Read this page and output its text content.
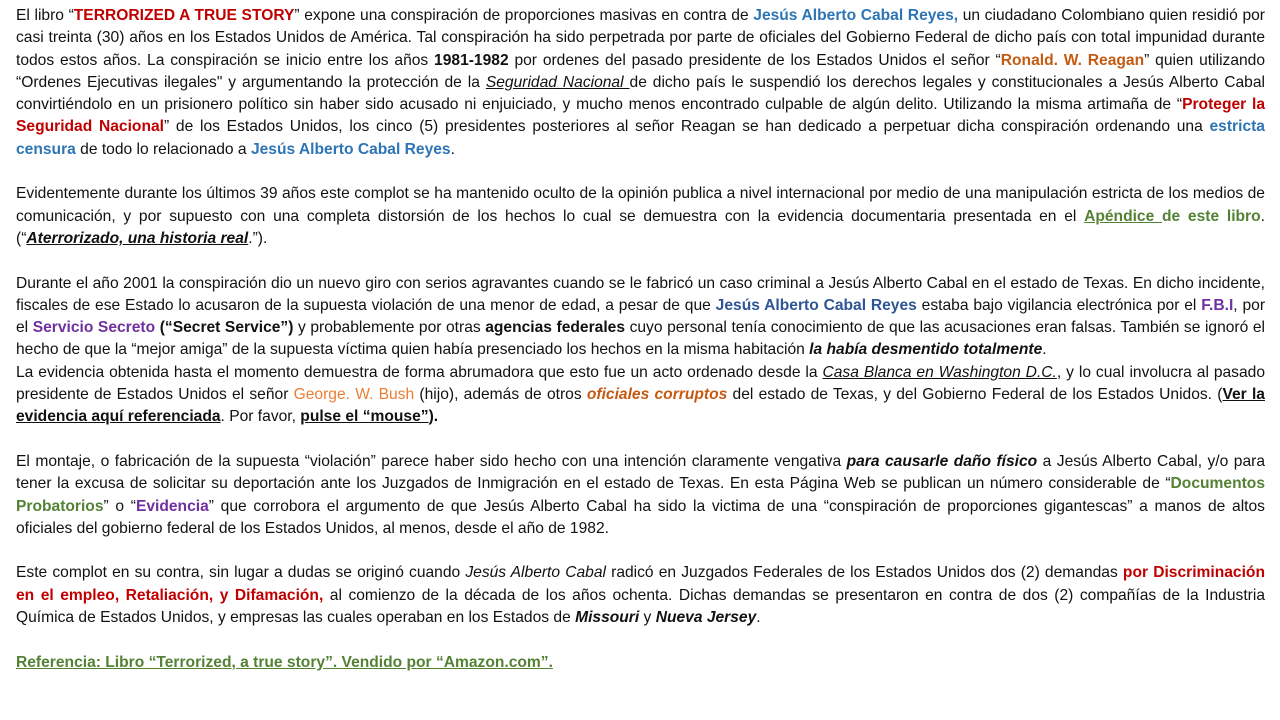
El libro “TERRORIZED A TRUE STORY” expone una conspiración de proporciones masivas en contra de Jesús Alberto Cabal Reyes, un ciudadano Colombiano quien residió por casi treinta (30) años en los Estados Unidos de América. Tal conspiración ha sido perpetrada por parte de oficiales del Gobierno Federal de dicho país con total impunidad durante todos estos años. La conspiración se inicio entre los años 1981-1982 por ordenes del pasado presidente de los Estados Unidos el señor “Ronald. W. Reagan” quien utilizando “Ordenes Ejecutivas ilegales" y argumentando la protección de la Seguridad Nacional de dicho país le suspendió los derechos legales y constitucionales a Jesús Alberto Cabal convirtiéndolo en un prisionero político sin haber sido acusado ni enjuiciado, y mucho menos encontrado culpable de algún delito. Utilizando la misma artimaña de “Proteger la Seguridad Nacional” de los Estados Unidos, los cinco (5) presidentes posteriores al señor Reagan se han dedicado a perpetuar dicha conspiración ordenando una estricta censura de todo lo relacionado a Jesús Alberto Cabal Reyes.

Evidentemente durante los últimos 39 años este complot se ha mantenido oculto de la opinión publica a nivel internacional por medio de una manipulación estricta de los medios de comunicación, y por supuesto con una completa distorsión de los hechos lo cual se demuestra con la evidencia documentaria presentada en el Apéndice de este libro. (“Aterrorizado, una historia real.”).

Durante el año 2001 la conspiración dio un nuevo giro con serios agravantes cuando se le fabricó un caso criminal a Jesús Alberto Cabal en el estado de Texas. En dicho incidente, fiscales de ese Estado lo acusaron de la supuesta violación de una menor de edad, a pesar de que Jesús Alberto Cabal Reyes estaba bajo vigilancia electrónica por el F.B.I, por el Servicio Secreto (“Secret Service”) y probablemente por otras agencias federales cuyo personal tenía conocimiento de que las acusaciones eran falsas. También se ignoró el hecho de que la “mejor amiga” de la supuesta víctima quien había presenciado los hechos en la misma habitación la había desmentido totalmente.

La evidencia obtenida hasta el momento demuestra de forma abrumadora que esto fue un acto ordenado desde la Casa Blanca en Washington D.C., y lo cual involucra al pasado presidente de Estados Unidos el señor George. W. Bush (hijo), además de otros oficiales corruptos del estado de Texas, y del Gobierno Federal de los Estados Unidos. (Ver la evidencia aquí referenciada. Por favor, pulse el “mouse”).

El montaje, o fabricación de la supuesta “violación” parece haber sido hecho con una intención claramente vengativa para causarle daño físico a Jesús Alberto Cabal, y/o para tener la excusa de solicitar su deportación ante los Juzgados de Inmigración en el estado de Texas. En esta Página Web se publican un número considerable de “Documentos Probatorios” o “Evidencia” que corrobora el argumento de que Jesús Alberto Cabal ha sido la victima de una “conspiración de proporciones gigantescas” a manos de altos oficiales del gobierno federal de los Estados Unidos, al menos, desde el año de 1982.

Este complot en su contra, sin lugar a dudas se originó cuando Jesús Alberto Cabal radicó en Juzgados Federales de los Estados Unidos dos (2) demandas por Discriminación en el empleo, Retaliación, y Difamación, al comienzo de la década de los años ochenta. Dichas demandas se presentaron en contra de dos (2) compañías de la Industria Química de Estados Unidos, y empresas las cuales operaban en los Estados de Missouri y Nueva Jersey.

Referencia: Libro “Terrorized, a true story”. Vendido por “Amazon.com”.
